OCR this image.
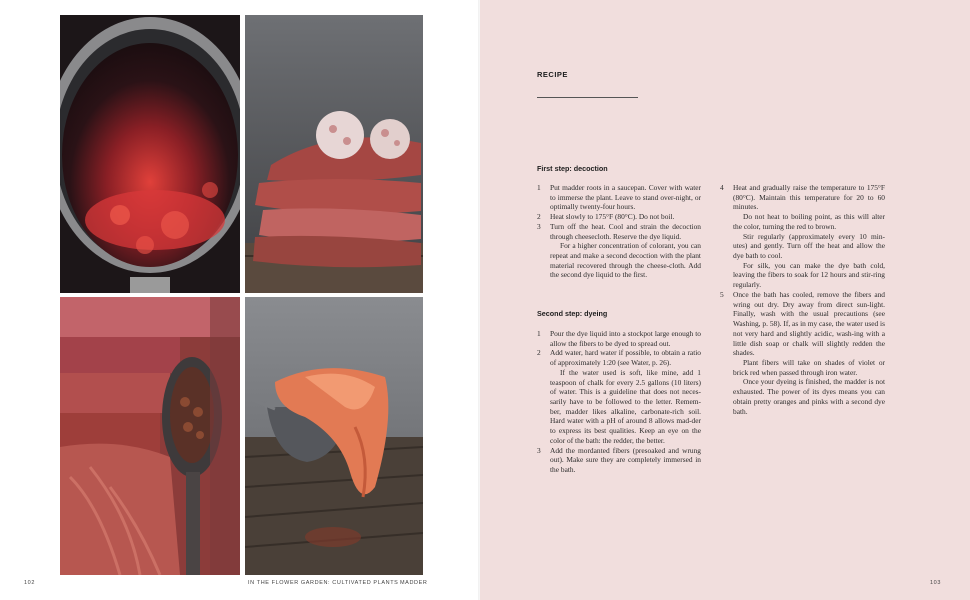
102	IN THE FLOWER GARDEN: CULTIVATED PLANTS MADDER
RECIPE
First step: decoction
1 Put madder roots in a saucepan. Cover with water to immerse the plant. Leave to stand over-night, or optimally twenty-four hours.
2 Heat slowly to 175°F (80°C). Do not boil.
3 Turn off the heat. Cool and strain the decoction through cheesecloth. Reserve the dye liquid.

For a higher concentration of colorant, you can repeat and make a second decoction with the plant material recovered through the cheese-cloth. Add the second dye liquid to the first.

Second step: dyeing
1 Pour the dye liquid into a stockpot large enough to allow the fibers to be dyed to spread out.
2 Add water, hard water if possible, to obtain a ratio of approximately 1:20 (see Water, p. 26).

If the water used is soft, like mine, add 1 teaspoon of chalk for every 2.5 gallons (10 liters) of water. This is a guideline that does not neces-sarily have to be followed to the letter. Remem-ber, madder likes alkaline, carbonate-rich soil. Hard water with a pH of around 8 allows mad-der to express its best qualities. Keep an eye on the color of the bath: the redder, the better.

3 Add the mordanted fibers (presoaked and wrung out). Make sure they are completely immersed in the bath.
4 Heat and gradually raise the temperature to 175°F (80°C). Maintain this temperature for 20 to 60 minutes.

Do not heat to boiling point, as this will alter the color, turning the red to brown.

Stir regularly (approximately every 10 min-utes) and gently. Turn off the heat and allow the dye bath to cool.

For silk, you can make the dye bath cold, leaving the fibers to soak for 12 hours and stir-ring regularly.

5 Once the bath has cooled, remove the fibers and wring out dry. Dry away from direct sun-light. Finally, wash with the usual precautions (see Washing, p. 58). If, as in my case, the water used is not very hard and slightly acidic, wash-ing with a little dish soap or chalk will slightly redden the shades.

Plant fibers will take on shades of violet or brick red when passed through iron water.

Once your dyeing is finished, the madder is not exhausted. The power of its dyes means you can obtain pretty oranges and pinks with a second dye bath.

103
